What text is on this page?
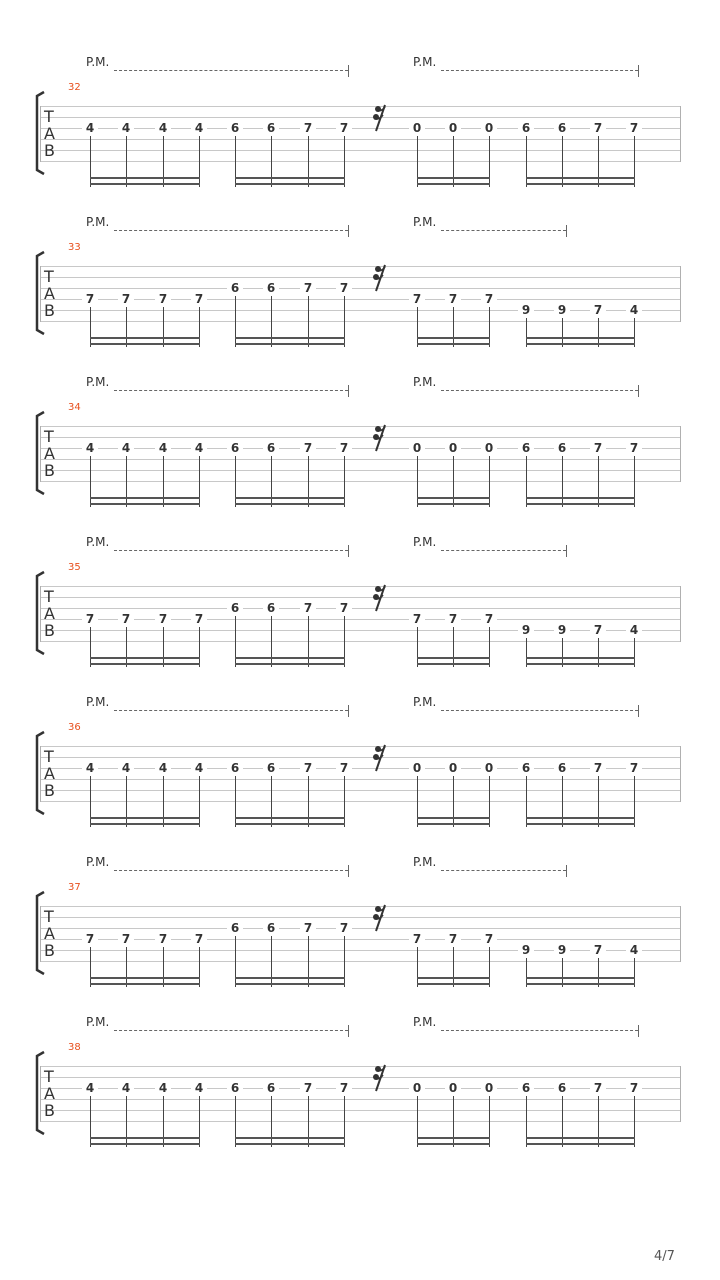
P.M.	P.M.
32
T
A
B
4	4	4	4	6	6	7	7	0	0	0	6	6	7	7
P.M.	P.M.
33
T
A
B
7	7	7	7
6	6	7	7
7	7	7
9	9	7	4
P.M.	P.M.
34
T
A
B
4	4	4	4	6	6	7	7	0	0	0	6	6	7	7
P.M.	P.M.
35
T
A
B
7	7	7	7
6	6	7	7
7	7	7
9	9	7	4
P.M.	P.M.
36
T
A
B
4	4	4	4	6	6	7	7	0	0	0	6	6	7	7
P.M.	P.M.
37
T
A
B
7	7	7	7
6	6	7	7
7	7	7
9	9	7	4
P.M.	P.M.
38
T
A
B
4	4	4	4	6	6	7	7	0	0	0	6	6	7	7
4/7
